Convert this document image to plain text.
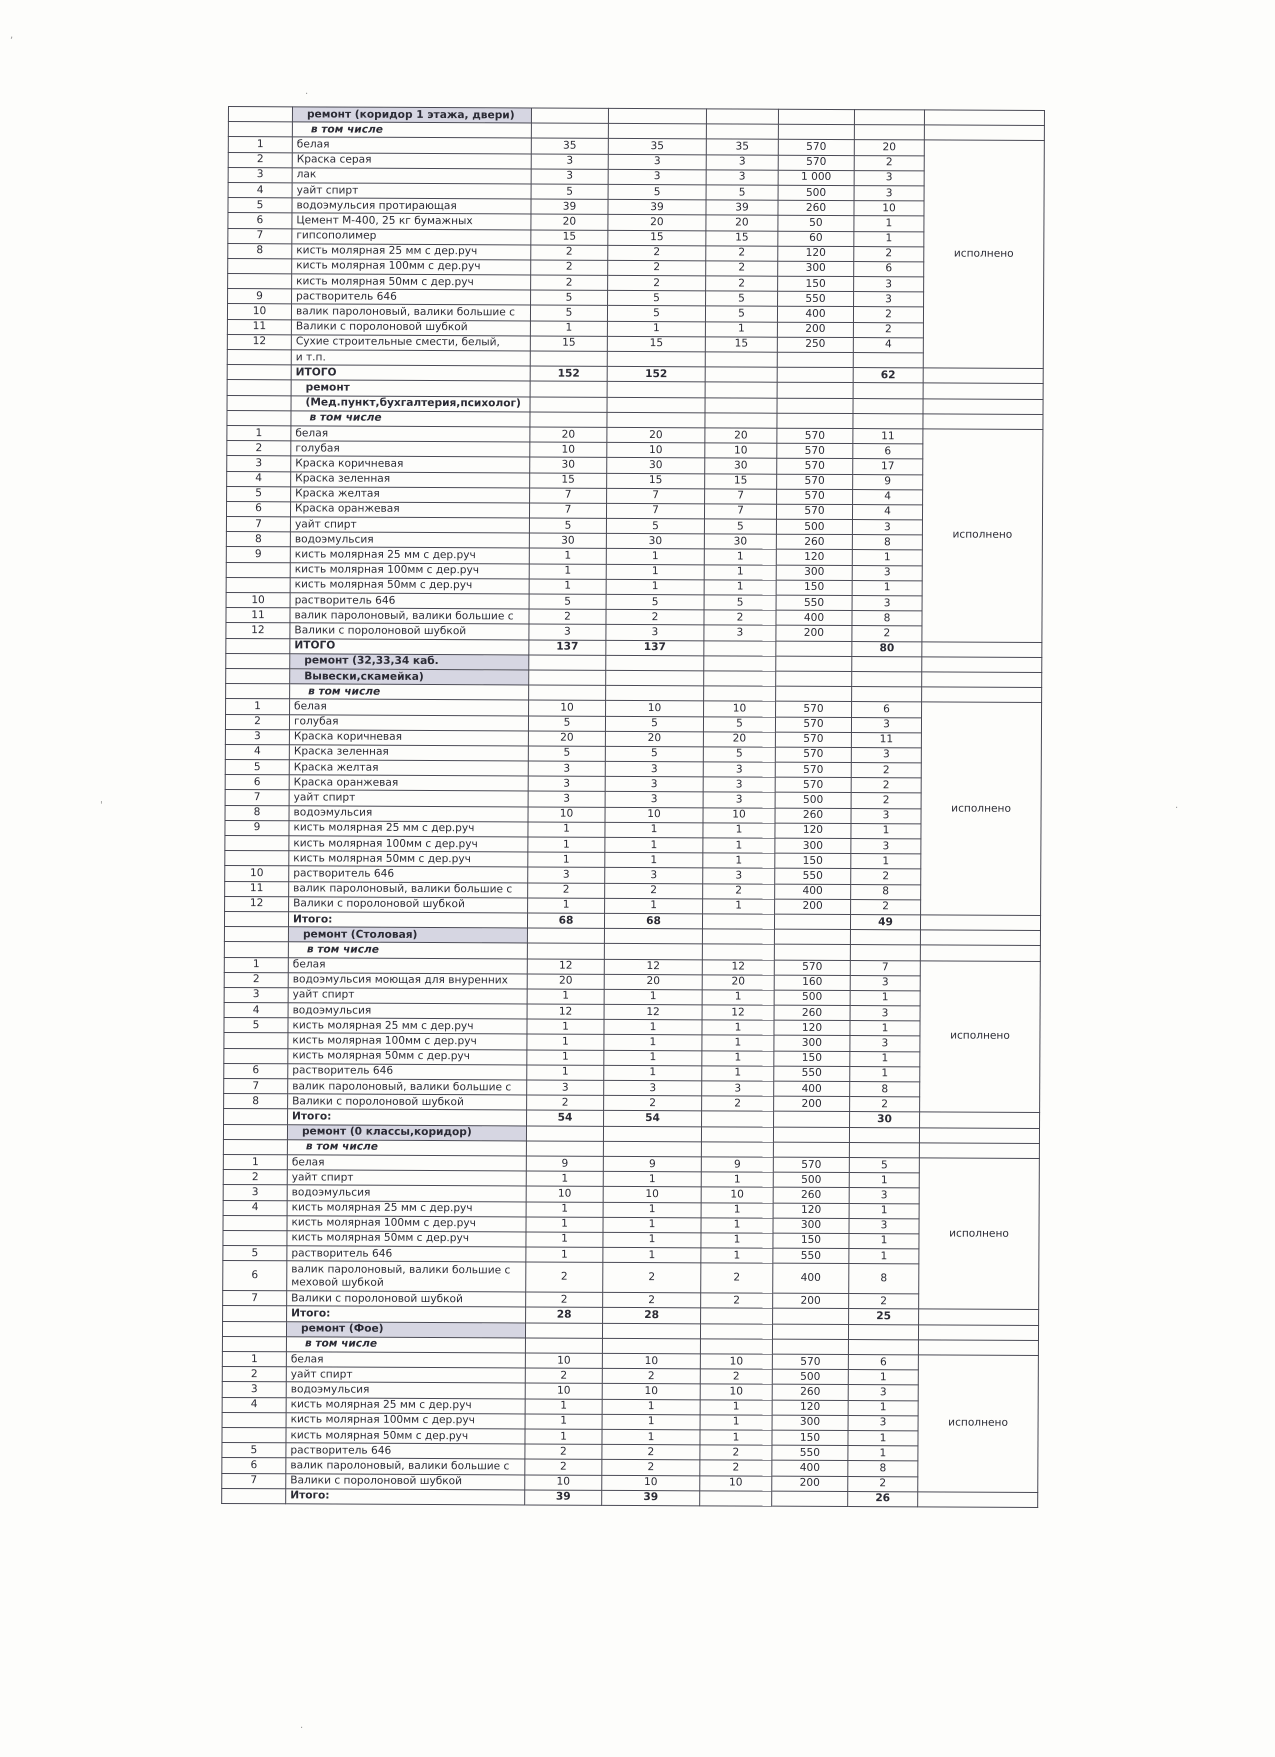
,
.
'	.
.
	ремонт (коридор 1 этажа, двери)						
	в том числе						
1	белая	35	35	35	570	20	исполнено
2	Краска серая	3	3	3	570	2	
3	лак	3	3	3	1 000	3	
4	уайт спирт	5	5	5	500	3	
5	водоэмульсия протирающая	39	39	39	260	10	
6	Цемент М-400, 25 кг бумажных	20	20	20	50	1	
7	гипсополимер	15	15	15	60	1	
8	кисть молярная 25 мм с дер.руч	2	2	2	120	2	
	кисть молярная 100мм с дер.руч	2	2	2	300	6	
	кисть молярная 50мм с дер.руч	2	2	2	150	3	
9	растворитель 646	5	5	5	550	3	
10	валик паролоновый, валики большие с	5	5	5	400	2	
11	Валики с поролоновой шубкой	1	1	1	200	2	
12	Сухие строительные смести, белый,	15	15	15	250	4	
	и т.п.						
	ИТОГО	152	152			62	
	ремонт						
	(Мед.пункт,бухгалтерия,психолог)						
	в том числе						
1	белая	20	20	20	570	11	исполнено
2	голубая	10	10	10	570	6	
3	Краска коричневая	30	30	30	570	17	
4	Краска зеленная	15	15	15	570	9	
5	Краска желтая	7	7	7	570	4	
6	Краска оранжевая	7	7	7	570	4	
7	уайт спирт	5	5	5	500	3	
8	водоэмульсия	30	30	30	260	8	
9	кисть молярная 25 мм с дер.руч	1	1	1	120	1	
	кисть молярная 100мм с дер.руч	1	1	1	300	3	
	кисть молярная 50мм с дер.руч	1	1	1	150	1	
10	растворитель 646	5	5	5	550	3	
11	валик паролоновый, валики большие с	2	2	2	400	8	
12	Валики с поролоновой шубкой	3	3	3	200	2	
	ИТОГО	137	137			80	
	ремонт (32,33,34 каб.						
	Вывески,скамейка)						
	в том числе						
1	белая	10	10	10	570	6	исполнено
2	голубая	5	5	5	570	3	
3	Краска коричневая	20	20	20	570	11	
4	Краска зеленная	5	5	5	570	3	
5	Краска желтая	3	3	3	570	2	
6	Краска оранжевая	3	3	3	570	2	
7	уайт спирт	3	3	3	500	2	
8	водоэмульсия	10	10	10	260	3	
9	кисть молярная 25 мм с дер.руч	1	1	1	120	1	
	кисть молярная 100мм с дер.руч	1	1	1	300	3	
	кисть молярная 50мм с дер.руч	1	1	1	150	1	
10	растворитель 646	3	3	3	550	2	
11	валик паролоновый, валики большие с	2	2	2	400	8	
12	Валики с поролоновой шубкой	1	1	1	200	2	
	Итого:	68	68			49	
	ремонт (Столовая)						
	в том числе						
1	белая	12	12	12	570	7	исполнено
2	водоэмульсия моющая для внуренних	20	20	20	160	3	
3	уайт спирт	1	1	1	500	1	
4	водоэмульсия	12	12	12	260	3	
5	кисть молярная 25 мм с дер.руч	1	1	1	120	1	
	кисть молярная 100мм с дер.руч	1	1	1	300	3	
	кисть молярная 50мм с дер.руч	1	1	1	150	1	
6	растворитель 646	1	1	1	550	1	
7	валик паролоновый, валики большие с	3	3	3	400	8	
8	Валики с поролоновой шубкой	2	2	2	200	2	
	Итого:	54	54			30	
	ремонт (0 классы,коридор)						
	в том числе						
1	белая	9	9	9	570	5	исполнено
2	уайт спирт	1	1	1	500	1	
3	водоэмульсия	10	10	10	260	3	
4	кисть молярная 25 мм с дер.руч	1	1	1	120	1	
	кисть молярная 100мм с дер.руч	1	1	1	300	3	
	кисть молярная 50мм с дер.руч	1	1	1	150	1	
5	растворитель 646	1	1	1	550	1	
6	валик паролоновый, валики большие с меховой шубкой	2	2	2	400	8	
7	Валики с поролоновой шубкой	2	2	2	200	2	
	Итого:	28	28			25	
	ремонт (Фое)						
	в том числе						
1	белая	10	10	10	570	6	исполнено
2	уайт спирт	2	2	2	500	1	
3	водоэмульсия	10	10	10	260	3	
4	кисть молярная 25 мм с дер.руч	1	1	1	120	1	
	кисть молярная 100мм с дер.руч	1	1	1	300	3	
	кисть молярная 50мм с дер.руч	1	1	1	150	1	
5	растворитель 646	2	2	2	550	1	
6	валик паролоновый, валики большие с	2	2	2	400	8	
7	Валики с поролоновой шубкой	10	10	10	200	2	
	Итого:	39	39			26	
